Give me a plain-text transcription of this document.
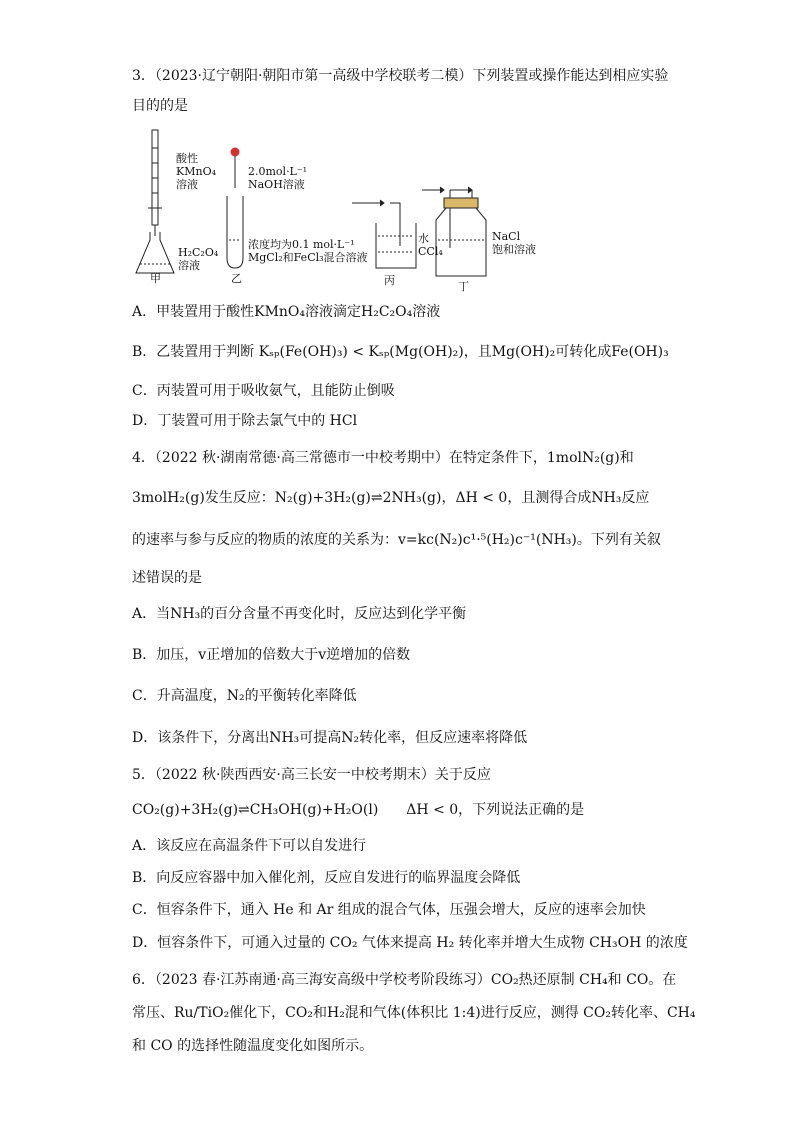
3．（2023·辽宁朝阳·朝阳市第一高级中学校联考二模）下列装置或操作能达到相应实验
目的的是
酸性
KMnO₄
溶液
H₂C₂O₄
溶液
甲
2.0mol·L⁻¹
NaOH溶液
浓度均为0.1 mol·L⁻¹
MgCl₂和FeCl₃混合溶液
乙
水
CCl₄
丙
NaCl
饱和溶液
丁
A．甲装置用于酸性KMnO₄溶液滴定H₂C₂O₄溶液
B．乙装置用于判断 Kₛₚ(Fe(OH)₃) < Kₛₚ(Mg(OH)₂)，且Mg(OH)₂可转化成Fe(OH)₃
C．丙装置可用于吸收氨气，且能防止倒吸
D．丁装置可用于除去氯气中的 HCl
4．（2022 秋·湖南常德·高三常德市一中校考期中）在特定条件下，1molN₂(g)和
3molH₂(g)发生反应：N₂(g)+3H₂(g)⇌2NH₃(g)，ΔH < 0，且测得合成NH₃反应
的速率与参与反应的物质的浓度的关系为：v=kc(N₂)c¹·⁵(H₂)c⁻¹(NH₃)。下列有关叙
述错误的是
A．当NH₃的百分含量不再变化时，反应达到化学平衡
B．加压，v正增加的倍数大于v逆增加的倍数
C．升高温度，N₂的平衡转化率降低
D．该条件下，分离出NH₃可提高N₂转化率，但反应速率将降低
5．（2022 秋·陕西西安·高三长安一中校考期末）关于反应
CO₂(g)+3H₂(g)⇌CH₃OH(g)+H₂O(l)　　ΔH < 0，下列说法正确的是
A．该反应在高温条件下可以自发进行
B．向反应容器中加入催化剂，反应自发进行的临界温度会降低
C．恒容条件下，通入 He 和 Ar 组成的混合气体，压强会增大，反应的速率会加快
D．恒容条件下，可通入过量的 CO₂ 气体来提高 H₂ 转化率并增大生成物 CH₃OH 的浓度
6．（2023 春·江苏南通·高三海安高级中学校考阶段练习）CO₂热还原制 CH₄和 CO。在
常压、Ru/TiO₂催化下，CO₂和H₂混和气体(体积比 1:4)进行反应，测得 CO₂转化率、CH₄
和 CO 的选择性随温度变化如图所示。
